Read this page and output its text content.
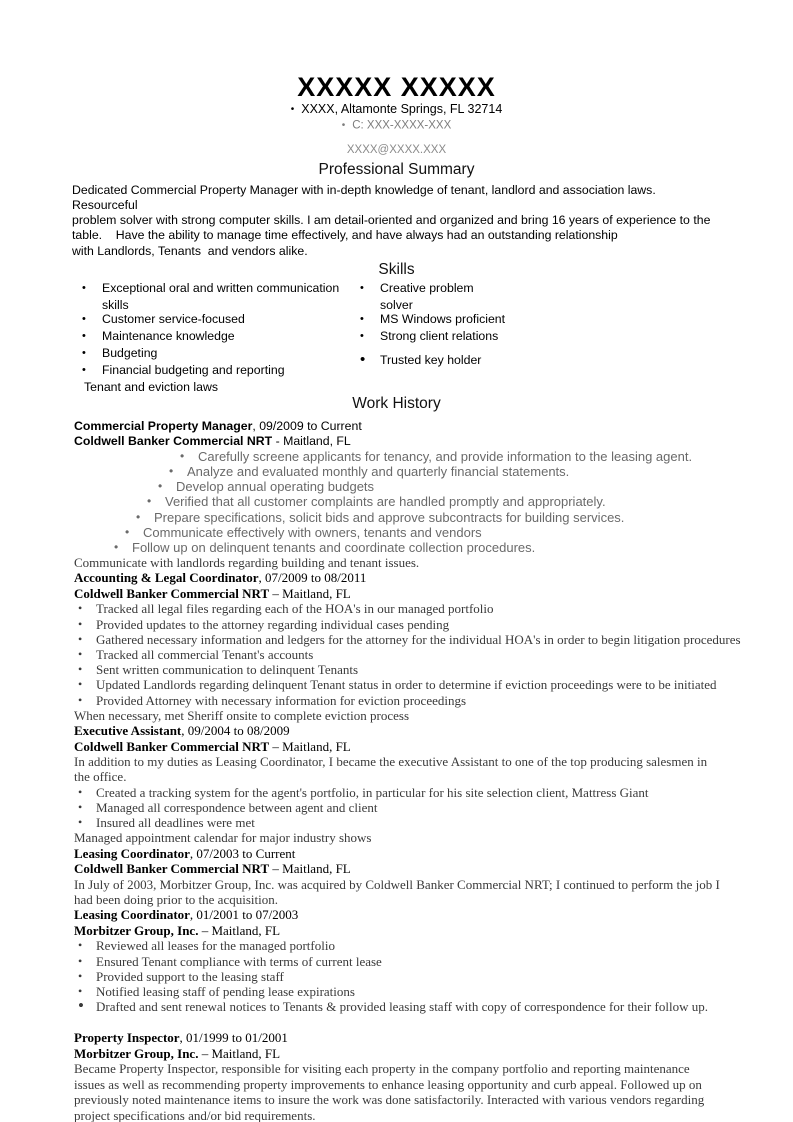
XXXXX XXXXX
• XXXX, Altamonte Springs, FL 32714
• C: XXX-XXXX-XXX
XXXX@XXXX.XXX
Professional Summary
Dedicated Commercial Property Manager with in-depth knowledge of tenant, landlord and association laws. Resourceful
problem solver with strong computer skills. I am detail-oriented and organized and bring 16 years of experience to the
table.    Have the ability to manage time effectively, and have always had an outstanding relationship
with Landlords, Tenants  and vendors alike.
Skills
• Exceptional oral and written communication
skills
• Customer service-focused
• Maintenance knowledge
• Budgeting
• Financial budgeting and reporting
Tenant and eviction laws
• Creative problem
solver
• MS Windows proficient
• Strong client relations
• Trusted key holder
Work History
Commercial Property Manager, 09/2009 to Current
Coldwell Banker Commercial NRT - Maitland, FL
• Carefully screene applicants for tenancy, and provide information to the leasing agent.
• Analyze and evaluated monthly and quarterly financial statements.
• Develop annual operating budgets
• Verified that all customer complaints are handled promptly and appropriately.
• Prepare specifications, solicit bids and approve subcontracts for building services.
• Communicate effectively with owners, tenants and vendors
• Follow up on delinquent tenants and coordinate collection procedures.
Communicate with landlords regarding building and tenant issues.
Accounting & Legal Coordinator, 07/2009 to 08/2011
Coldwell Banker Commercial NRT – Maitland, FL
• Tracked all legal files regarding each of the HOA's in our managed portfolio
• Provided updates to the attorney regarding individual cases pending
• Gathered necessary information and ledgers for the attorney for the individual HOA's in order to begin litigation procedures
• Tracked all commercial Tenant's accounts
• Sent written communication to delinquent Tenants
• Updated Landlords regarding delinquent Tenant status in order to determine if eviction proceedings were to be initiated
• Provided Attorney with necessary information for eviction proceedings
When necessary, met Sheriff onsite to complete eviction process
Executive Assistant, 09/2004 to 08/2009
Coldwell Banker Commercial NRT – Maitland, FL
In addition to my duties as Leasing Coordinator, I became the executive Assistant to one of the top producing salesmen in the office.
• Created a tracking system for the agent's portfolio, in particular for his site selection client, Mattress Giant
• Managed all correspondence between agent and client
• Insured all deadlines were met
Managed appointment calendar for major industry shows
Leasing Coordinator, 07/2003 to Current
Coldwell Banker Commercial NRT – Maitland, FL
In July of 2003, Morbitzer Group, Inc. was acquired by Coldwell Banker Commercial NRT; I continued to perform the job I had been doing prior to the acquisition.
Leasing Coordinator, 01/2001 to 07/2003
Morbitzer Group, Inc. – Maitland, FL
• Reviewed all leases for the managed portfolio
• Ensured Tenant compliance with terms of current lease
• Provided support to the leasing staff
• Notified leasing staff of pending lease expirations
• Drafted and sent renewal notices to Tenants & provided leasing staff with copy of correspondence for their follow up.
Property Inspector, 01/1999 to 01/2001
Morbitzer Group, Inc. – Maitland, FL
Became Property Inspector, responsible for visiting each property in the company portfolio and reporting maintenance issues as well as recommending property improvements to enhance leasing opportunity and curb appeal. Followed up on previously noted maintenance items to insure the work was done satisfactorily. Interacted with various vendors regarding project specifications and/or bid requirements.
